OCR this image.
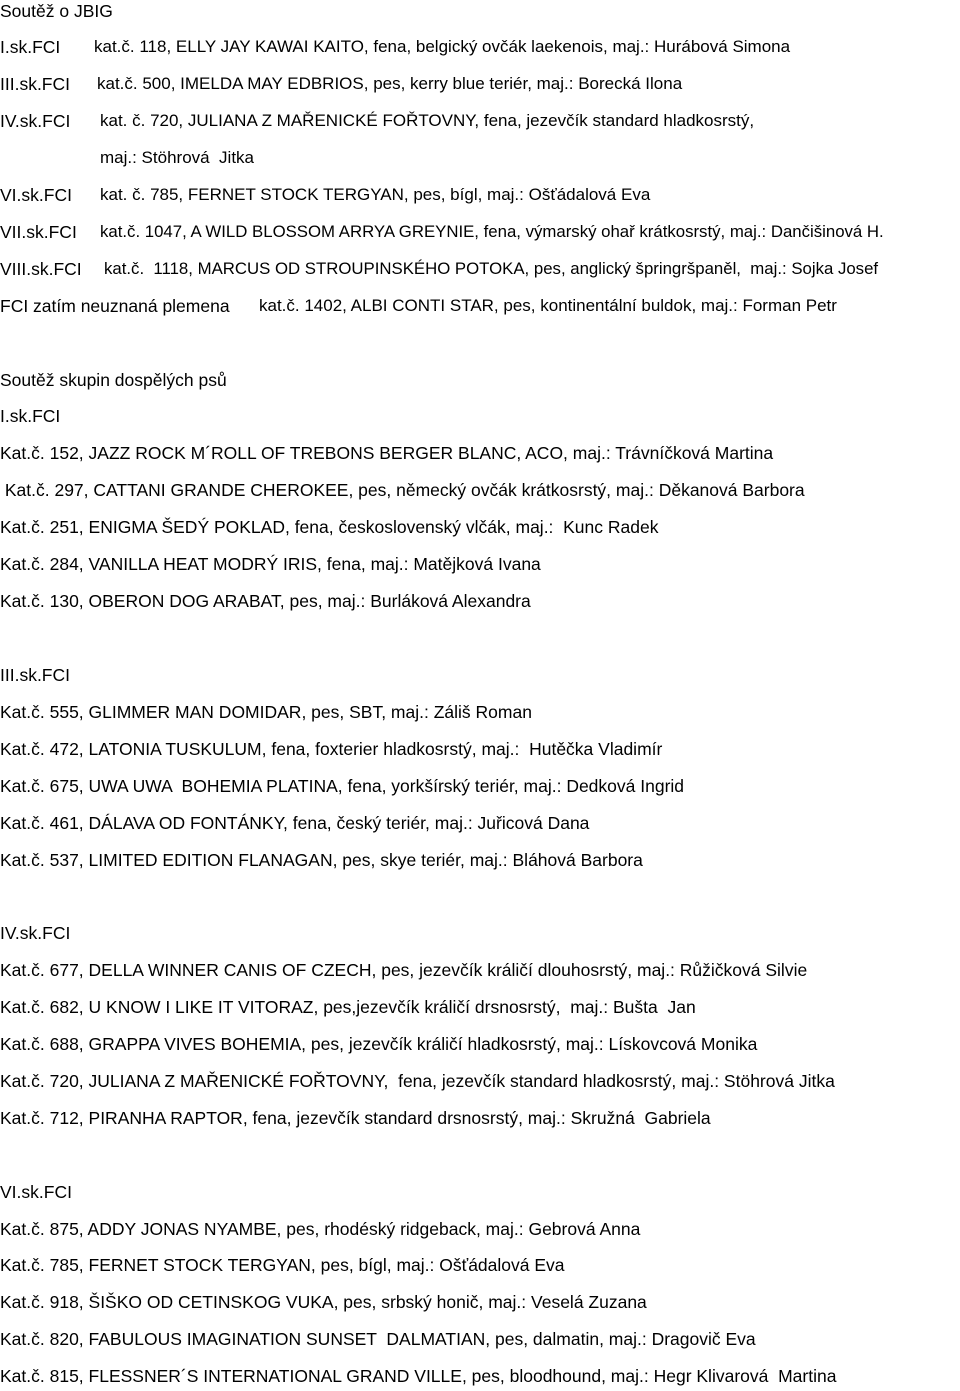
Soutěž o JBIG
I.sk.FCI kat.č. 118, ELLY JAY KAWAI KAITO, fena, belgický ovčák laekenois, maj.: Hurábová Simona
III.sk.FCI kat.č. 500, IMELDA MAY EDBRIOS, pes, kerry blue teriér, maj.: Borecká Ilona
IV.sk.FCI kat. č. 720, JULIANA Z MAŘENICKÉ FOŘTOVNY, fena, jezevčík standard hladkosrstý,
maj.: Stöhrová  Jitka
VI.sk.FCI kat. č. 785, FERNET STOCK TERGYAN, pes, bígl, maj.: Ošťádalová Eva
VII.sk.FCI kat.č. 1047, A WILD BLOSSOM ARRYA GREYNIE, fena, výmarský ohař krátkosrstý, maj.: Dančišinová H.
VIII.sk.FCI kat.č.  1118, MARCUS OD STROUPINSKÉHO POTOKA, pes, anglický špringršpaněl,  maj.: Sojka Josef
FCI zatím neuznaná plemena kat.č. 1402, ALBI CONTI STAR, pes, kontinentální buldok, maj.: Forman Petr
Soutěž skupin dospělých psů
I.sk.FCI
Kat.č. 152, JAZZ ROCK M´ROLL OF TREBONS BERGER BLANC, ACO, maj.: Trávníčková Martina
Kat.č. 297, CATTANI GRANDE CHEROKEE, pes, německý ovčák krátkosrstý, maj.: Děkanová Barbora
Kat.č. 251, ENIGMA ŠEDÝ POKLAD, fena, československý vlčák, maj.:  Kunc Radek
Kat.č. 284, VANILLA HEAT MODRÝ IRIS, fena, maj.: Matějková Ivana
Kat.č. 130, OBERON DOG ARABAT, pes, maj.: Burláková Alexandra
III.sk.FCI
Kat.č. 555, GLIMMER MAN DOMIDAR, pes, SBT, maj.: Záliš Roman
Kat.č. 472, LATONIA TUSKULUM, fena, foxterier hladkosrstý, maj.:  Hutěčka Vladimír
Kat.č. 675, UWA UWA  BOHEMIA PLATINA, fena, yorkšírský teriér, maj.: Dedková Ingrid
Kat.č. 461, DÁLAVA OD FONTÁNKY, fena, český teriér, maj.: Juřicová Dana
Kat.č. 537, LIMITED EDITION FLANAGAN, pes, skye teriér, maj.: Bláhová Barbora
IV.sk.FCI
Kat.č. 677, DELLA WINNER CANIS OF CZECH, pes, jezevčík králičí dlouhosrstý, maj.: Růžičková Silvie
Kat.č. 682, U KNOW I LIKE IT VITORAZ, pes,jezevčík králičí drsnosrstý,  maj.: Bušta  Jan
Kat.č. 688, GRAPPA VIVES BOHEMIA, pes, jezevčík králičí hladkosrstý, maj.: Lískovcová Monika
Kat.č. 720, JULIANA Z MAŘENICKÉ FOŘTOVNY,  fena, jezevčík standard hladkosrstý, maj.: Stöhrová Jitka
Kat.č. 712, PIRANHA RAPTOR, fena, jezevčík standard drsnosrstý, maj.: Skružná  Gabriela
VI.sk.FCI
Kat.č. 875, ADDY JONAS NYAMBE, pes, rhodéský ridgeback, maj.: Gebrová Anna
Kat.č. 785, FERNET STOCK TERGYAN, pes, bígl, maj.: Ošťádalová Eva
Kat.č. 918, ŠIŠKO OD CETINSKOG VUKA, pes, srbský honič, maj.: Veselá Zuzana
Kat.č. 820, FABULOUS IMAGINATION SUNSET  DALMATIAN, pes, dalmatin, maj.: Dragovič Eva
Kat.č. 815, FLESSNER´S INTERNATIONAL GRAND VILLE, pes, bloodhound, maj.: Hegr Klivarová  Martina
